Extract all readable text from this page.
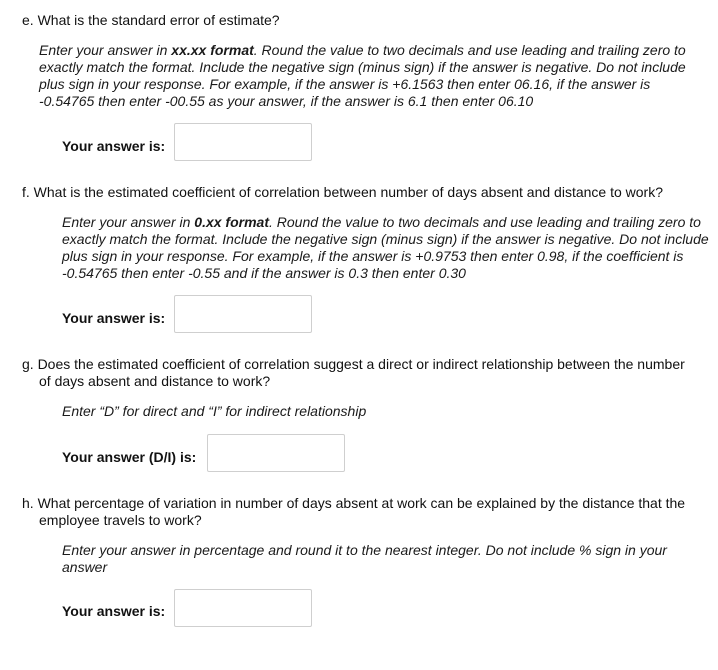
e. What is the standard error of estimate?

Enter your answer in xx.xx format. Round the value to two decimals and use leading and trailing zero to exactly match the format. Include the negative sign (minus sign) if the answer is negative. Do not include plus sign in your response. For example, if the answer is +6.1563 then enter 06.16, if the answer is -0.54765 then enter -00.55 as your answer, if the answer is 6.1 then enter 06.10

Your answer is:

f. What is the estimated coefficient of correlation between number of days absent and distance to work?

Enter your answer in 0.xx format. Round the value to two decimals and use leading and trailing zero to exactly match the format. Include the negative sign (minus sign) if the answer is negative. Do not include plus sign in your response. For example, if the answer is +0.9753 then enter 0.98, if the coefficient is -0.54765 then enter -0.55 and if the answer is 0.3 then enter 0.30

Your answer is:

g. Does the estimated coefficient of correlation suggest a direct or indirect relationship between the number of days absent and distance to work?

Enter “D” for direct and “I” for indirect relationship

Your answer (D/I) is:

h. What percentage of variation in number of days absent at work can be explained by the distance that the employee travels to work?

Enter your answer in percentage and round it to the nearest integer. Do not include % sign in your answer

Your answer is:
